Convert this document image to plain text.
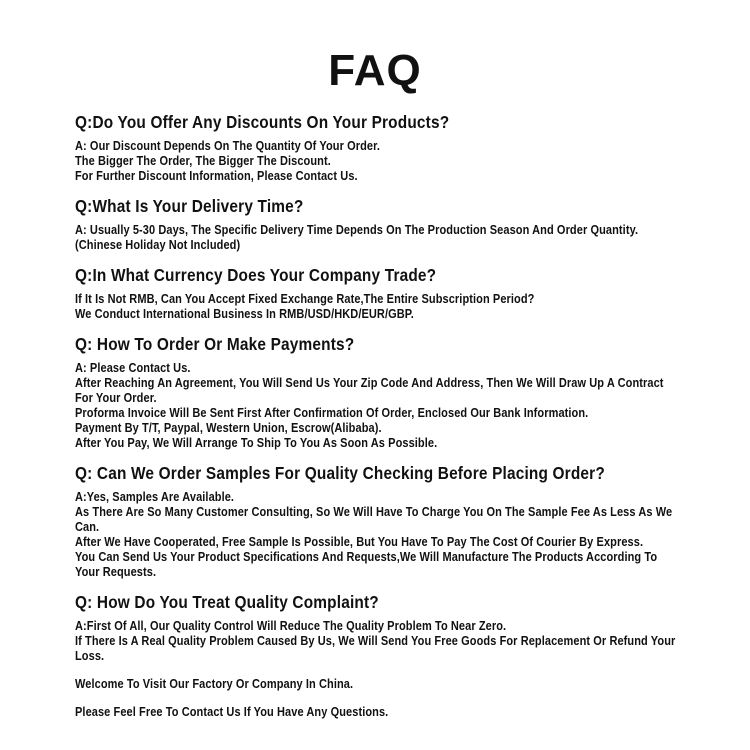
FAQ
Q:Do You Offer Any Discounts On Your Products?
A: Our Discount Depends On The Quantity Of Your Order.
The Bigger The Order, The Bigger The Discount.
For Further Discount Information, Please Contact Us.
Q:What Is Your Delivery Time?
A: Usually 5-30 Days, The Specific Delivery Time Depends On The Production Season And Order Quantity.
(Chinese Holiday Not Included)
Q:In What Currency Does Your Company Trade?
If It Is Not RMB, Can You Accept Fixed Exchange Rate,The Entire Subscription Period?
We Conduct International Business In RMB/USD/HKD/EUR/GBP.
Q: How To Order Or Make Payments?
A: Please Contact Us.
After Reaching An Agreement, You Will Send Us Your Zip Code And Address, Then We Will Draw Up A Contract
For Your Order.
Proforma Invoice Will Be Sent First After Confirmation Of Order, Enclosed Our Bank Information.
Payment By T/T, Paypal, Western Union, Escrow(Alibaba).
After You Pay, We Will Arrange To Ship To You As Soon As Possible.
Q: Can We Order Samples For Quality Checking Before Placing Order?
A:Yes, Samples Are Available.
As There Are So Many Customer Consulting, So We Will Have To Charge You On The Sample Fee As Less As We
Can.
After We Have Cooperated, Free Sample Is Possible, But You Have To Pay The Cost Of Courier By Express.
You Can Send Us Your Product Specifications And Requests,We Will Manufacture The Products According To
Your Requests.
Q: How Do You Treat Quality Complaint?
A:First Of All, Our Quality Control Will Reduce The Quality Problem To Near Zero.
If There Is A Real Quality Problem Caused By Us, We Will Send You Free Goods For Replacement Or Refund Your
Loss.

Welcome To Visit Our Factory Or Company In China.

Please Feel Free To Contact Us If You Have Any Questions.
